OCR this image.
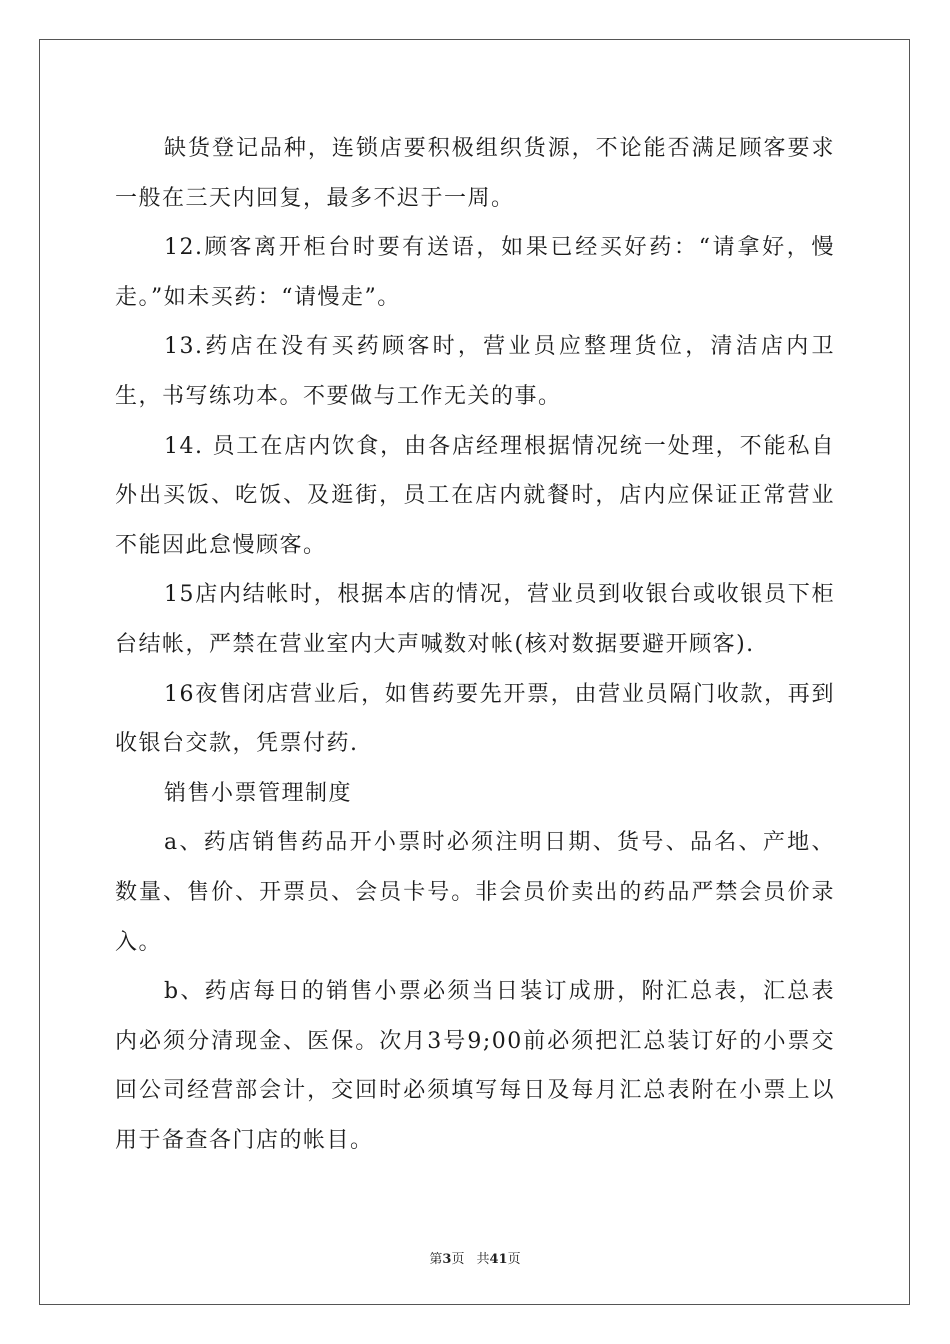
缺货登记品种，连锁店要积极组织货源，不论能否满足顾客要求一般在三天内回复，最多不迟于一周。

12.顾客离开柜台时要有送语，如果已经买好药：“请拿好，慢走。”如未买药：“请慢走”。

13.药店在没有买药顾客时，营业员应整理货位，清洁店内卫生，书写练功本。不要做与工作无关的事。

14. 员工在店内饮食，由各店经理根据情况统一处理，不能私自外出买饭、吃饭、及逛街，员工在店内就餐时，店内应保证正常营业不能因此怠慢顾客。

15店内结帐时，根据本店的情况，营业员到收银台或收银员下柜台结帐，严禁在营业室内大声喊数对帐(核对数据要避开顾客).

16夜售闭店营业后，如售药要先开票，由营业员隔门收款，再到收银台交款，凭票付药.

销售小票管理制度

a、药店销售药品开小票时必须注明日期、货号、品名、产地、数量、售价、开票员、会员卡号。非会员价卖出的药品严禁会员价录入。

b、药店每日的销售小票必须当日装订成册，附汇总表，汇总表内必须分清现金、医保。次月3号9;00前必须把汇总装订好的小票交回公司经营部会计，交回时必须填写每日及每月汇总表附在小票上以用于备查各门店的帐目。

第3页 共41页
